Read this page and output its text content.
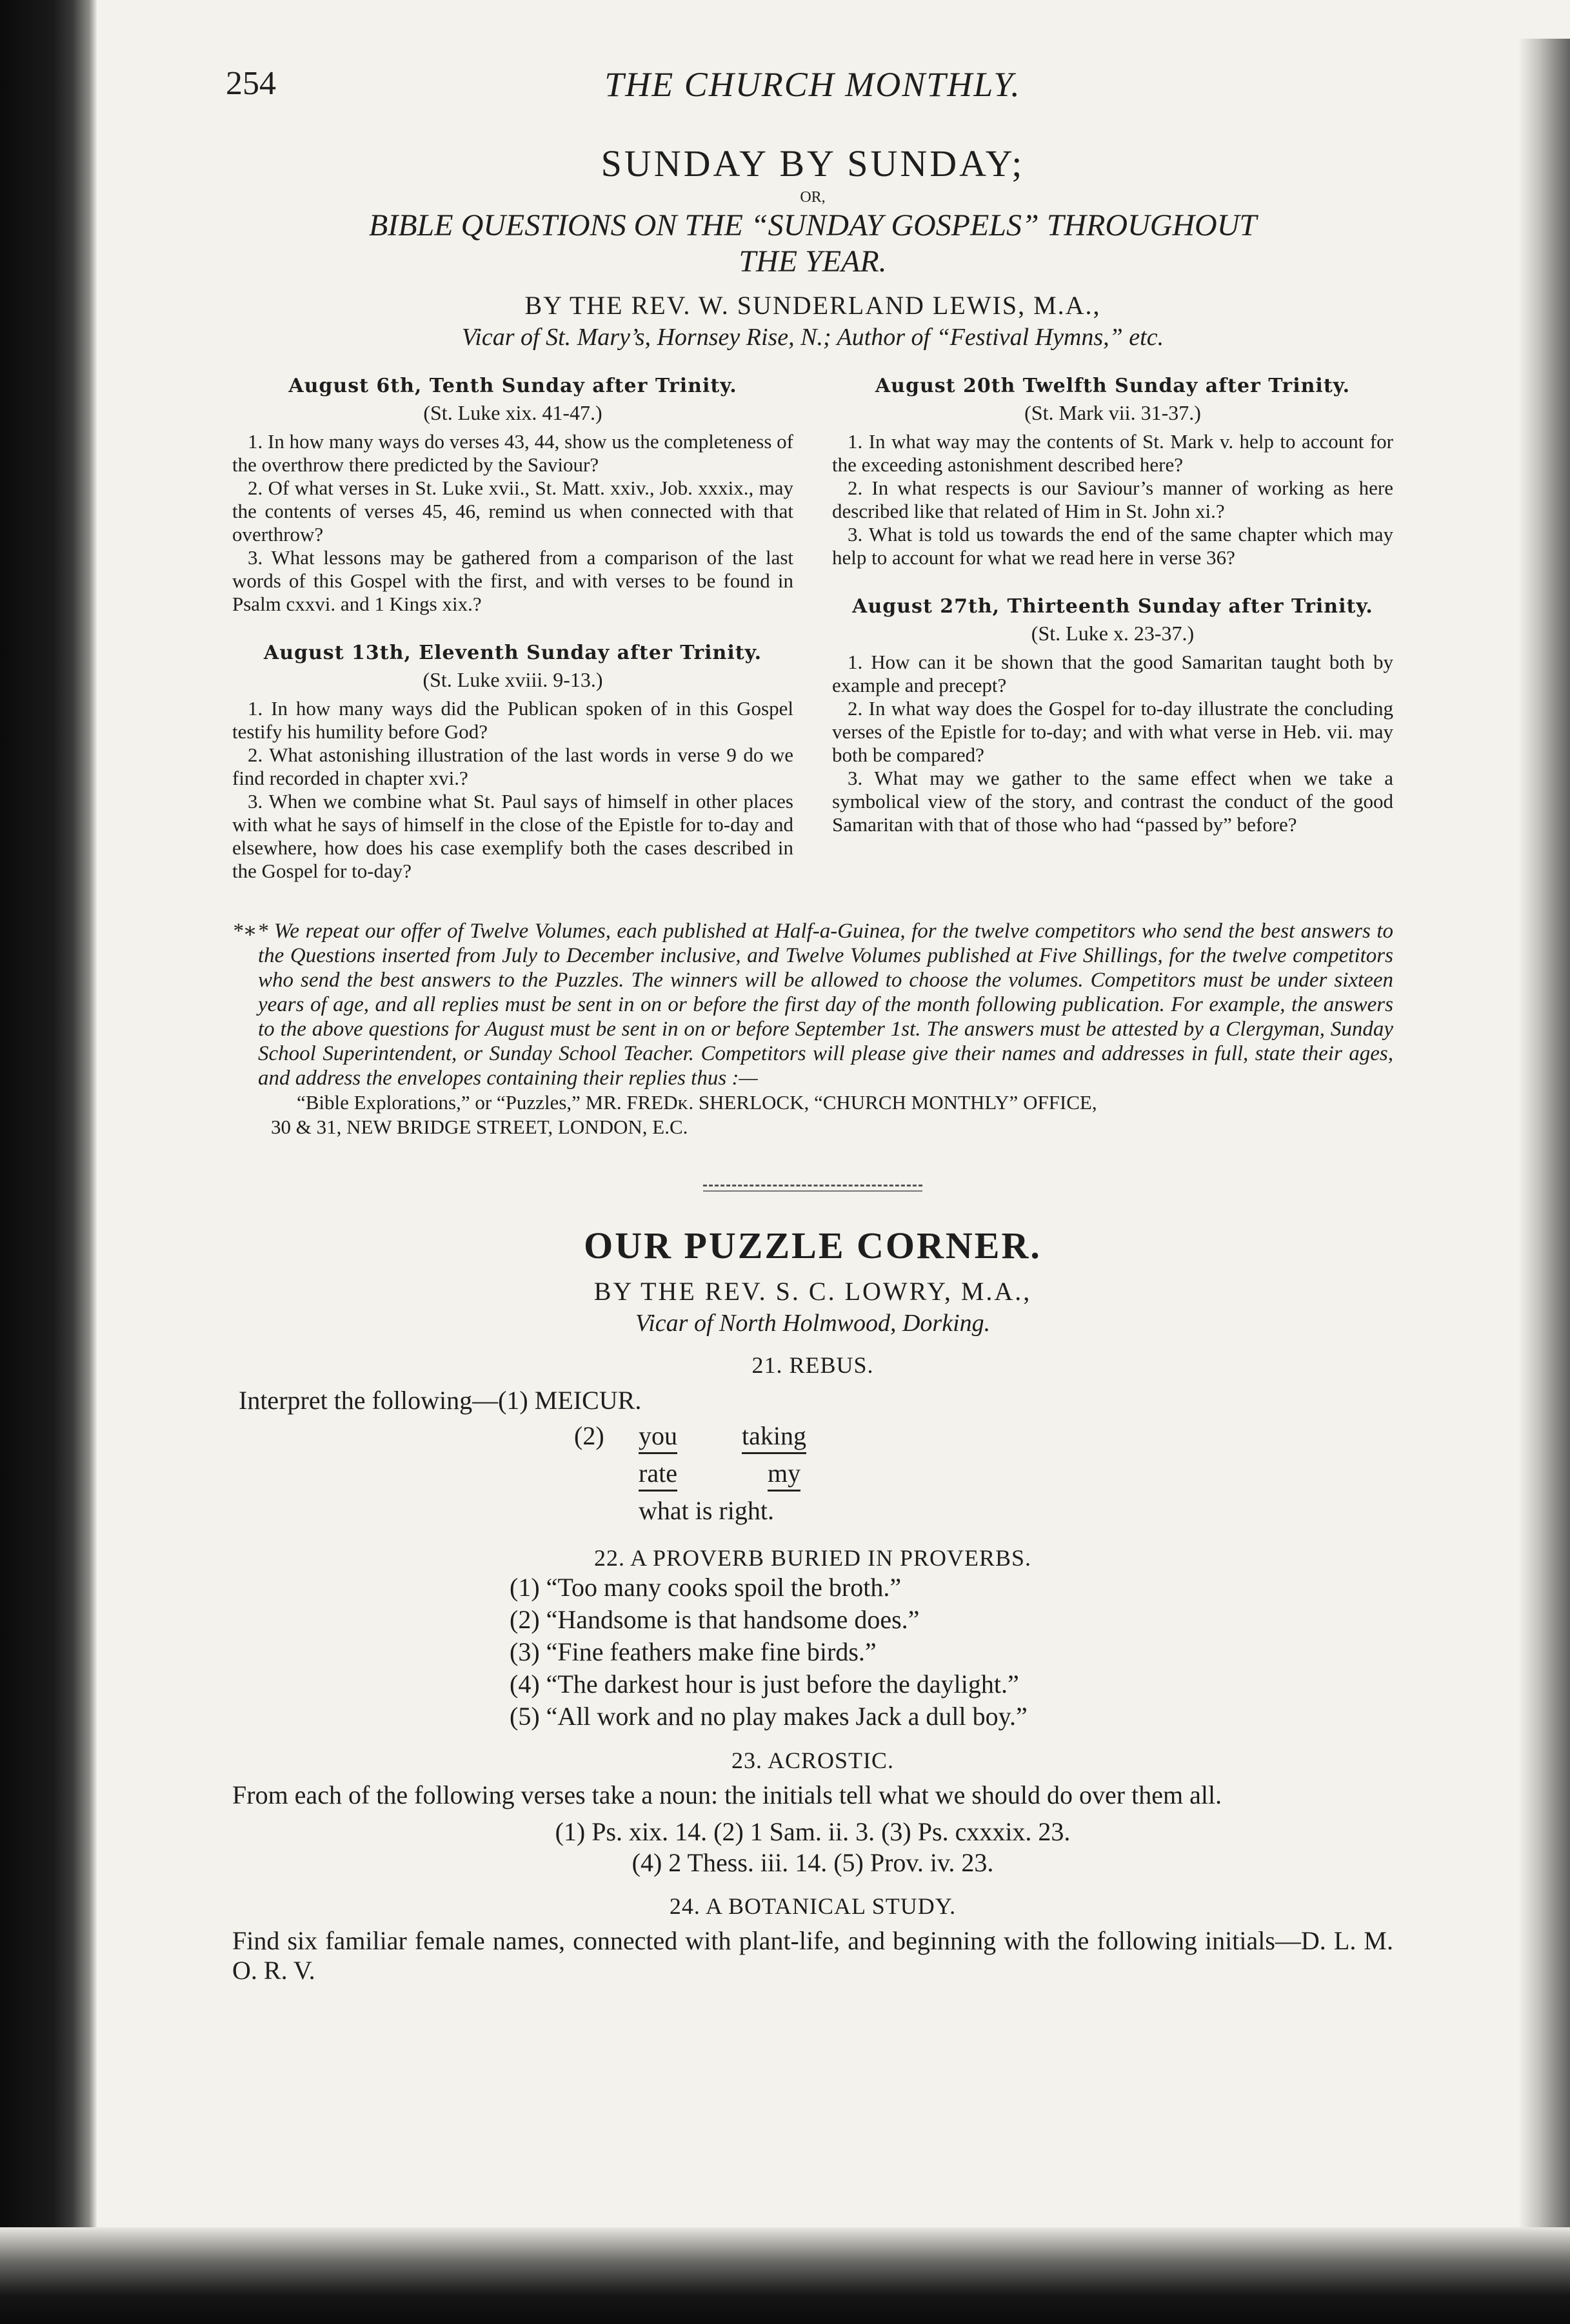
254	THE CHURCH MONTHLY.
SUNDAY BY SUNDAY;
OR,
BIBLE QUESTIONS ON THE “SUNDAY GOSPELS” THROUGHOUT
THE YEAR.
BY THE REV. W. SUNDERLAND LEWIS, M.A.,
Vicar of St. Mary’s, Hornsey Rise, N.; Author of “Festival Hymns,” etc.
August 6th, Tenth Sunday after Trinity.
(St. Luke xix. 41-47.)

1. In how many ways do verses 43, 44, show us the completeness of the overthrow there predicted by the Saviour?

2. Of what verses in St. Luke xvii., St. Matt. xxiv., Job. xxxix., may the contents of verses 45, 46, remind us when connected with that overthrow?

3. What lessons may be gathered from a comparison of the last words of this Gospel with the first, and with verses to be found in Psalm cxxvi. and 1 Kings xix.?

August 13th, Eleventh Sunday after Trinity.
(St. Luke xviii. 9-13.)

1. In how many ways did the Publican spoken of in this Gospel testify his humility before God?

2. What astonishing illustration of the last words in verse 9 do we find recorded in chapter xvi.?

3. When we combine what St. Paul says of himself in other places with what he says of himself in the close of the Epistle for to-day and elsewhere, how does his case exemplify both the cases described in the Gospel for to-day?

August 20th Twelfth Sunday after Trinity.
(St. Mark vii. 31-37.)

1. In what way may the contents of St. Mark v. help to account for the exceeding astonishment described here?

2. In what respects is our Saviour’s manner of working as here described like that related of Him in St. John xi.?

3. What is told us towards the end of the same chapter which may help to account for what we read here in verse 36?

August 27th, Thirteenth Sunday after Trinity.
(St. Luke x. 23-37.)

1. How can it be shown that the good Samaritan taught both by example and precept?

2. In what way does the Gospel for to-day illustrate the concluding verses of the Epistle for to-day; and with what verse in Heb. vii. may both be compared?

3. What may we gather to the same effect when we take a symbolical view of the story, and contrast the conduct of the good Samaritan with that of those who had “passed by” before?

*∗* We repeat our offer of Twelve Volumes, each published at Half-a-Guinea, for the twelve competitors who send the best answers to the Questions inserted from July to December inclusive, and Twelve Volumes published at Five Shillings, for the twelve competitors who send the best answers to the Puzzles. The winners will be allowed to choose the volumes. Competitors must be under sixteen years of age, and all replies must be sent in on or before the first day of the month following publication. For example, the answers to the above questions for August must be sent in on or before September 1st. The answers must be attested by a Clergyman, Sunday School Superintendent, or Sunday School Teacher. Competitors will please give their names and addresses in full, state their ages, and address the envelopes containing their replies thus :—
“Bible Explorations,” or “Puzzles,” MR. FREDᴋ. SHERLOCK, “CHURCH MONTHLY” OFFICE,
30 & 31, NEW BRIDGE STREET, LONDON, E.C.
OUR PUZZLE CORNER.
BY THE REV. S. C. LOWRY, M.A.,
Vicar of North Holmwood, Dorking.
21. REBUS.
Interpret the following—(1) MEICUR.
(2) you	taking
rate	my
what is right.
22. A PROVERB BURIED IN PROVERBS.
(1) “Too many cooks spoil the broth.”
(2) “Handsome is that handsome does.”
(3) “Fine feathers make fine birds.”
(4) “The darkest hour is just before the daylight.”
(5) “All work and no play makes Jack a dull boy.”
23. ACROSTIC.
From each of the following verses take a noun: the initials tell what we should do over them all.
(1) Ps. xix. 14. (2) 1 Sam. ii. 3. (3) Ps. cxxxix. 23.
(4) 2 Thess. iii. 14. (5) Prov. iv. 23.
24. A BOTANICAL STUDY.
Find six familiar female names, connected with plant-life, and beginning with the following initials—D. L. M. O. R. V.
